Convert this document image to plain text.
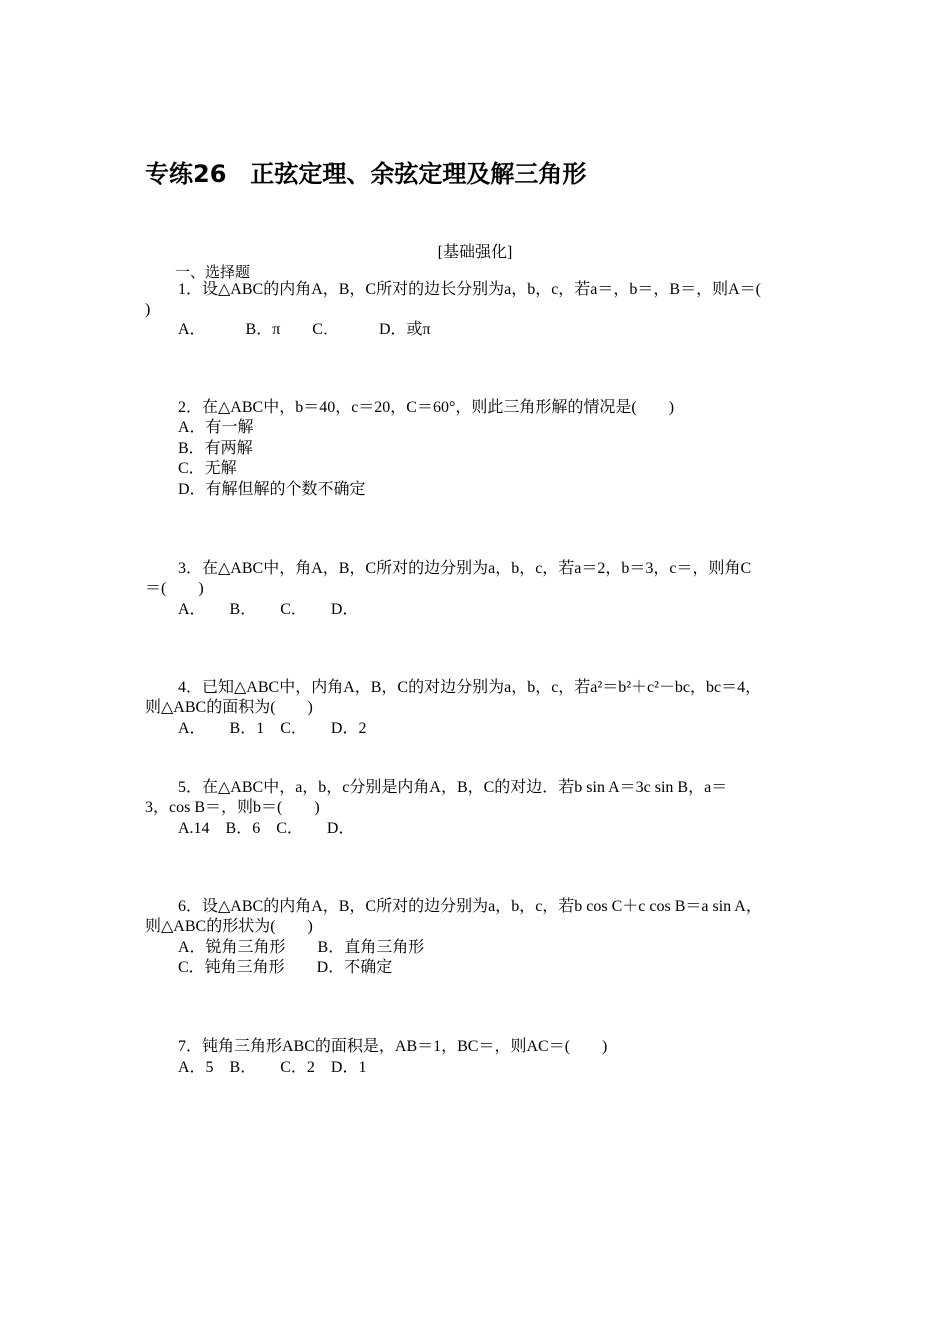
专练26　正弦定理、余弦定理及解三角形
[基础强化]
一、选择题
1．设△ABC的内角A，B，C所对的边长分别为a，b，c，若a＝，b＝，B＝，则A＝(
)
A．　　　B．π　　C．　　　D．或π
2．在△ABC中，b＝40，c＝20，C＝60°，则此三角形解的情况是(　　)
A．有一解
B．有两解
C．无解
D．有解但解的个数不确定
3．在△ABC中，角A，B，C所对的边分别为a，b，c，若a＝2，b＝3，c＝，则角C
＝(　　)
A．　　B．　　C．　　D．
4．已知△ABC中，内角A，B，C的对边分别为a，b，c，若a²＝b²＋c²－bc，bc＝4，
则△ABC的面积为(　　)
A．　　B．1　C．　　D．2
5．在△ABC中，a，b，c分别是内角A，B，C的对边．若b sin A＝3c sin B，a＝
3，cos B＝，则b＝(　　)
A.14　B．6　C．　　D．
6．设△ABC的内角A，B，C所对的边分别为a，b，c，若b cos C＋c cos B＝a sin A，
则△ABC的形状为(　　)
A．锐角三角形　　B．直角三角形
C．钝角三角形　　D．不确定
7．钝角三角形ABC的面积是，AB＝1，BC＝，则AC＝(　　)
A．5　B．　　C．2　D．1
